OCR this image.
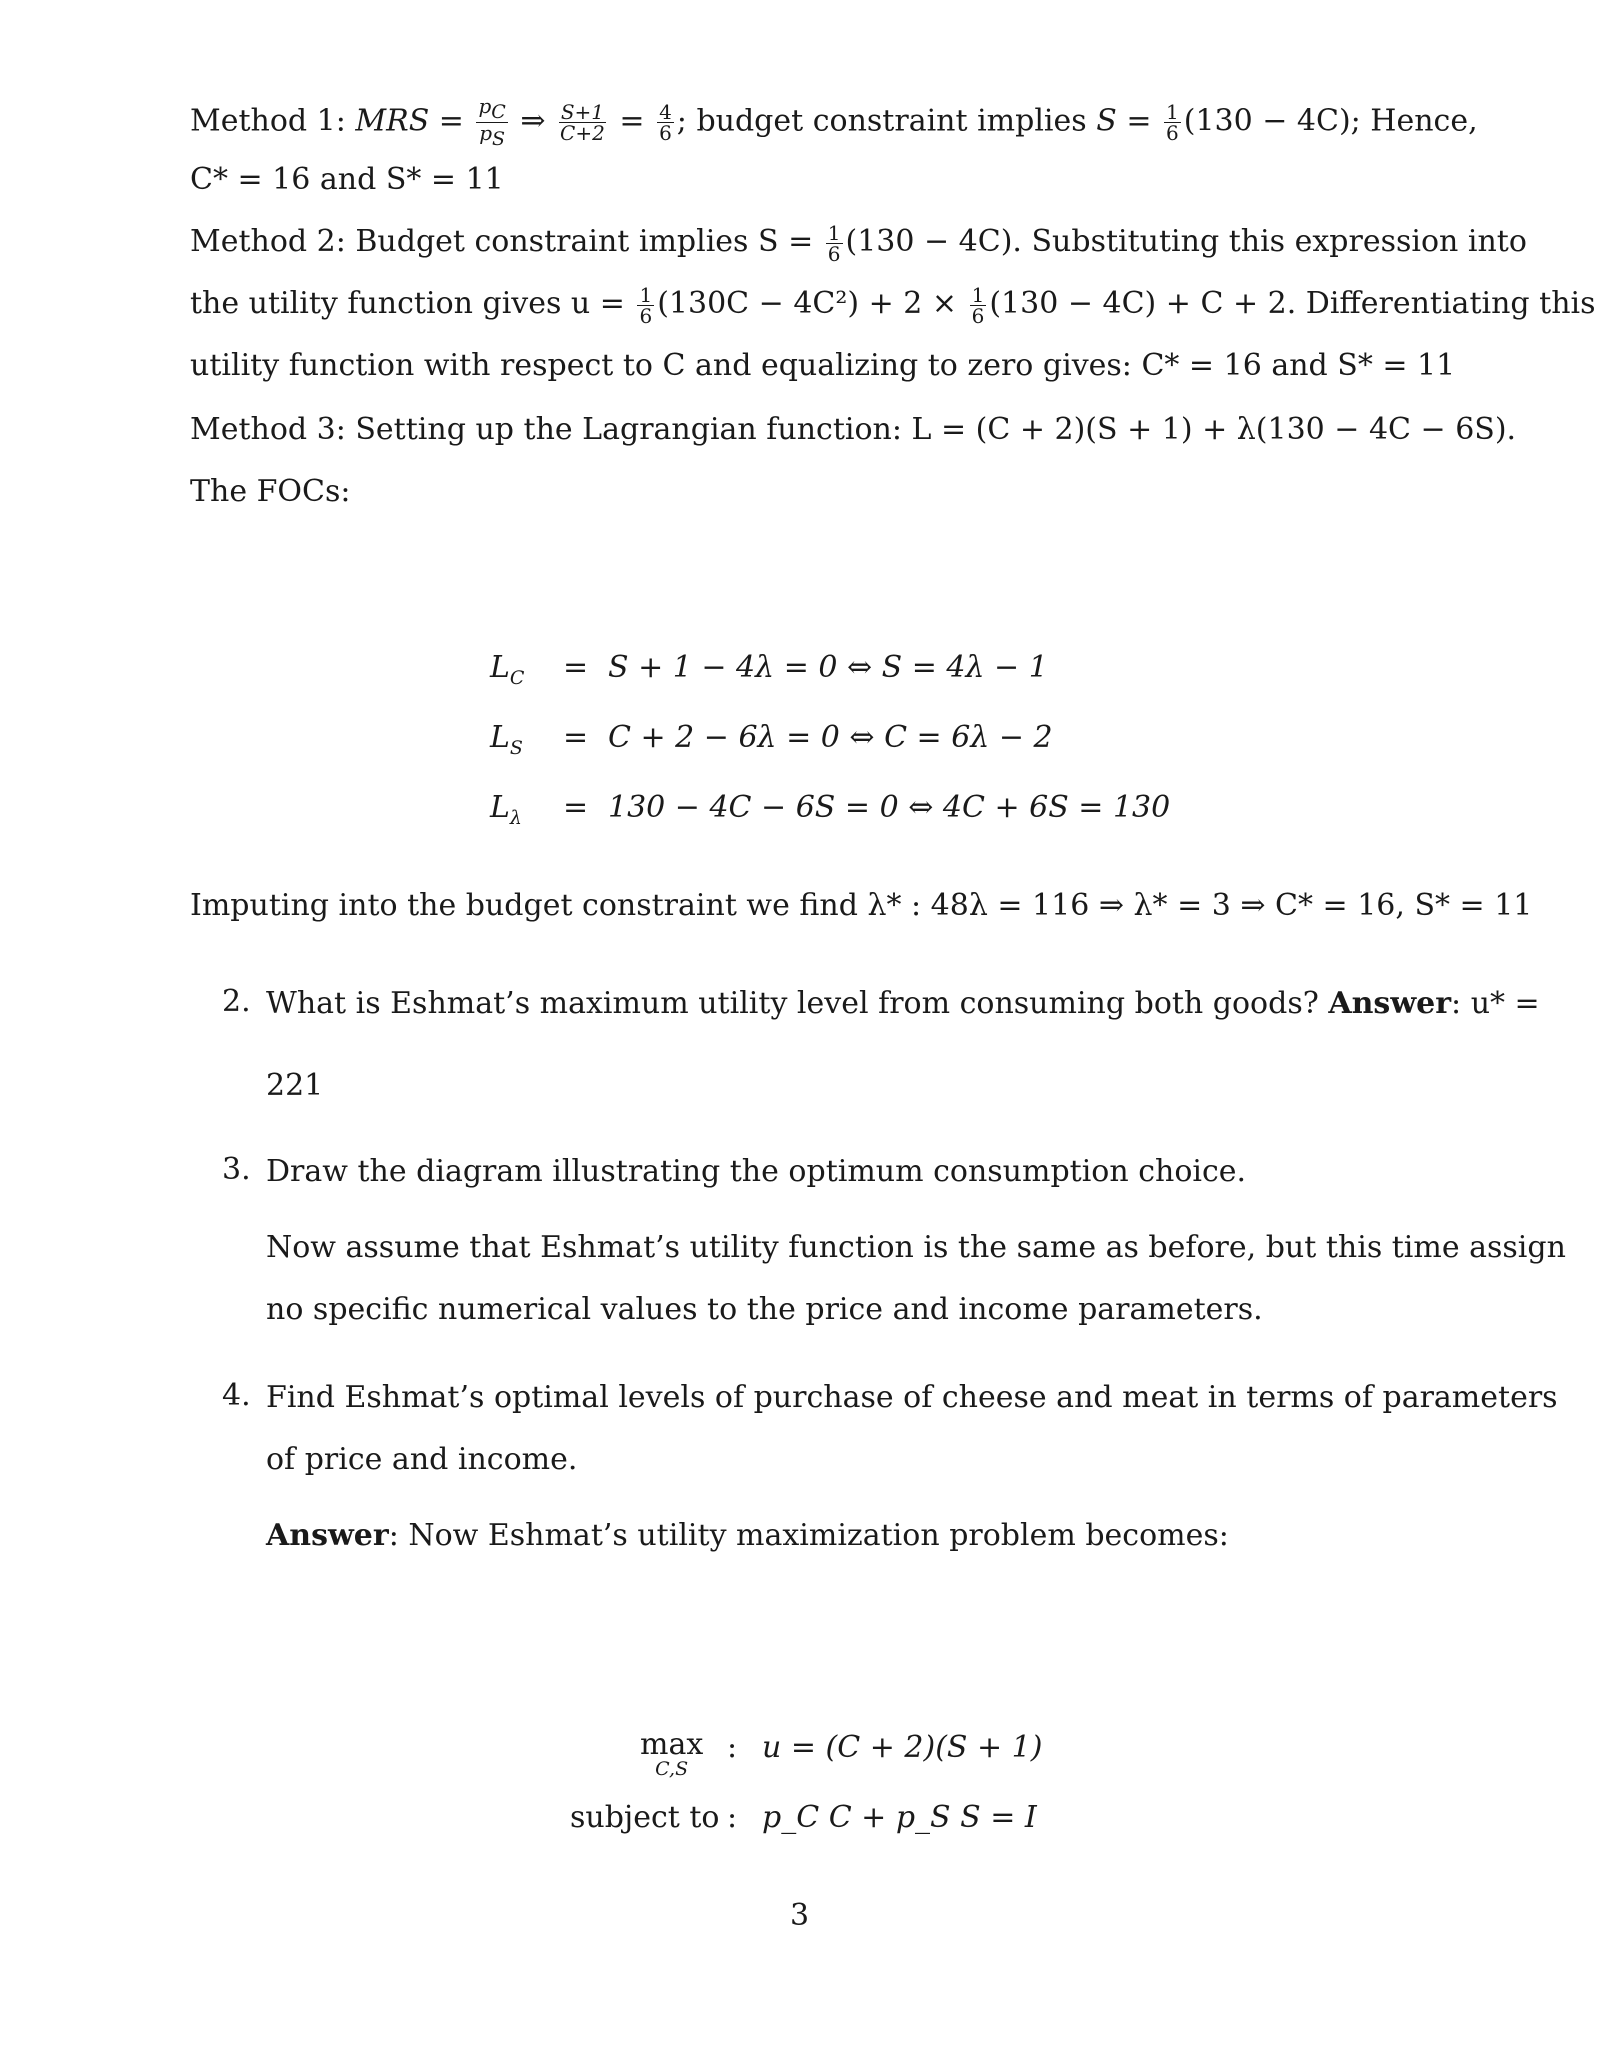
Method 1: MRS = $\frac{p_C}{p_S}$ ⇒ $\frac{S+1}{C+2} = \frac{4}{6}$ ; budget constraint implies $S = \frac{1}{6} (130 - 4C)$; Hence,
C* = 16 and S* = 11
Method 2: Budget constraint implies $S = \frac{1}{6} (130 - 4C)$. Substituting this expression into
the utility function gives $u = \frac{1}{6} (130C - 4C^2) + 2 \times \frac{1}{6} (130 - 4C) + C + 2$. Differentiating this
utility function with respect to C and equalizing to zero gives: C* = 16 and S* = 11
Method 3: Setting up the Lagrangian function: L = (C + 2)(S + 1) + λ(130 − 4C − 6S).
The FOCs:
$L_C$	= S + 1 − 4λ = 0 ⇔ S = 4λ − 1
$L_S$	= C + 2 − 6λ = 0 ⇔ C = 6λ − 2
$L_\lambda$	= 130 − 4C − 6S = 0 ⇔ 4C + 6S = 130
Imputing into the budget constraint we find λ* : 48λ = 116 ⇒ λ* = 3 ⇒ C* = 16, S* = 11
2. What is Eshmat’s maximum utility level from consuming both goods? Answer: u* =
221
3. Draw the diagram illustrating the optimum consumption choice.
Now assume that Eshmat’s utility function is the same as before, but this time assign
no specific numerical values to the price and income parameters.
4. Find Eshmat’s optimal levels of purchase of cheese and meat in terms of parameters
of price and income.
Answer: Now Eshmat’s utility maximization problem becomes:
max
C,S
: u = (C + 2)(S + 1)
subject to : p_C C + p_S S = I
3
